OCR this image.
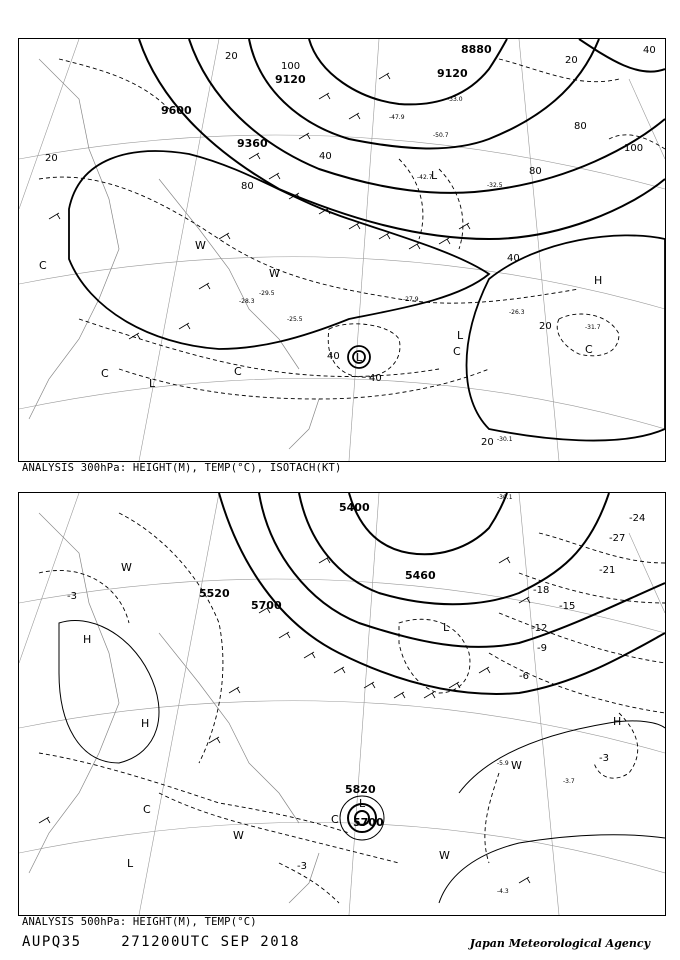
9600
9360
9120
8880
9120
20
40
20
40
40
80
80
100
100
80
40
40
20
20
20
-29.5
-27.9
-28.3
-25.5
-26.3
-31.7
-30.1
-42.7
-47.9
-50.7
-33.0
-32.5
L
L
L
L
H
W
W
C
C	C
C
C
ANALYSIS 300hPa: HEIGHT(M), TEMP(°C), ISOTACH(KT)
5400
5520
5700
5460
5820
5700
-3
-24
-27
-21
-18
-15
-12
-9
-6
-3
-3
-30.1
-5.9
-3.7
-4.3
H
H	H
L
L
L
W
W
W
W
C
C
ANALYSIS 500hPa: HEIGHT(M), TEMP(°C)
AUPQ35	271200UTC SEP 2018	Japan Meteorological Agency
